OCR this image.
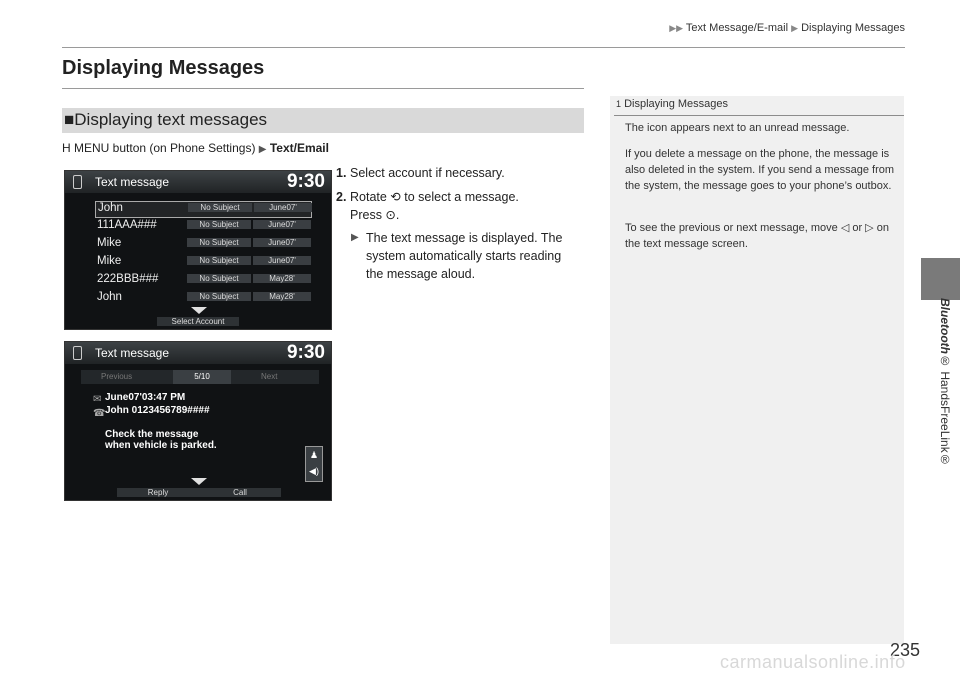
▶▶ Text Message/E-mail ▶ Displaying Messages
Bluetooth® HandsFreeLink®
Displaying Messages
■Displaying text messages
H MENU button (on Phone Settings) ▶ Text/Email
1. Select account if necessary.
2. Rotate ⟲ to select a message.
Press ⊙.
▶ The text message is displayed. The system automatically starts reading the message aloud.
Text message	9:30
John	No Subject	June07'
111AAA###	No Subject	June07'
Mike	No Subject	June07'
Mike	No Subject	June07'
222BBB###	No Subject	May28'
John	No Subject	May28'
Select Account
Text message	9:30
Previous	5/10	Next
✉
☎
June07'03:47 PM
John 0123456789####
Check the message
when vehicle is parked.
♟
◀)
Reply	Call
1 Displaying Messages
The icon appears next to an unread message.
If you delete a message on the phone, the message is also deleted in the system. If you send a message from the system, the message goes to your phone’s outbox.
To see the previous or next message, move ◁ or ▷ on the text message screen.
235
carmanualsonline.info
